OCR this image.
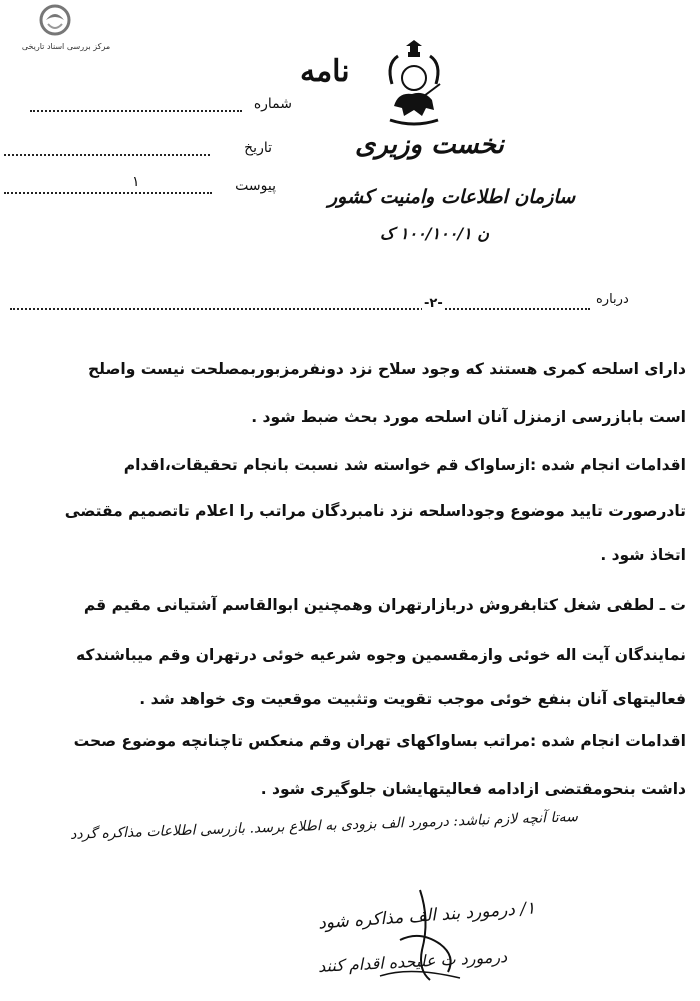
مرکز بررسی اسناد تاریخی
نامه
نخست وزیری
سازمان اطلاعات وامنیت کشور
ن ۱۰۰/۱۰۰/۱ ک
شماره
تاریخ
۱	پیوست
-۲-	درباره
دارای اسلحه کمری هستند که وجود سلاح نزد دونفرمزبوربمصلحت نیست واصلح
است بابازرسی ازمنزل آنان اسلحه مورد بحث ضبط شود .
اقدامات انجام شده :ازساواک قم خواسته شد نسبت بانجام تحقیقات،اقدام
تادرصورت تایید موضوع وجوداسلحه نزد نامبردگان مراتب را اعلام تاتصمیم مقتضی
اتخاذ شود .
ت ـ لطفی شغل کتابفروش دربازارتهران وهمچنین ابوالقاسم آشتیانی مقیم قم
نمایندگان آیت اله خوئی وازمقسمین وجوه شرعیه خوئی درتهران وقم میباشندکه
فعالیتهای آنان بنفع خوئی موجب تقویت وتثبیت موقعیت وی خواهد شد .
اقدامات انجام شده :مراتب بساواکهای تهران وقم منعکس تاچنانچه موضوع صحت
داشت بنحومقتضی ازادامه فعالیتهایشان جلوگیری شود .
سه‌تا آنچه لازم نباشد: درمورد الف بزودی به اطلاع برسد. بازرسی اطلاعات مذاکره گردد
۱/ درمورد بند الف مذاکره شود
درمورد ت علیحده اقدام کنند
